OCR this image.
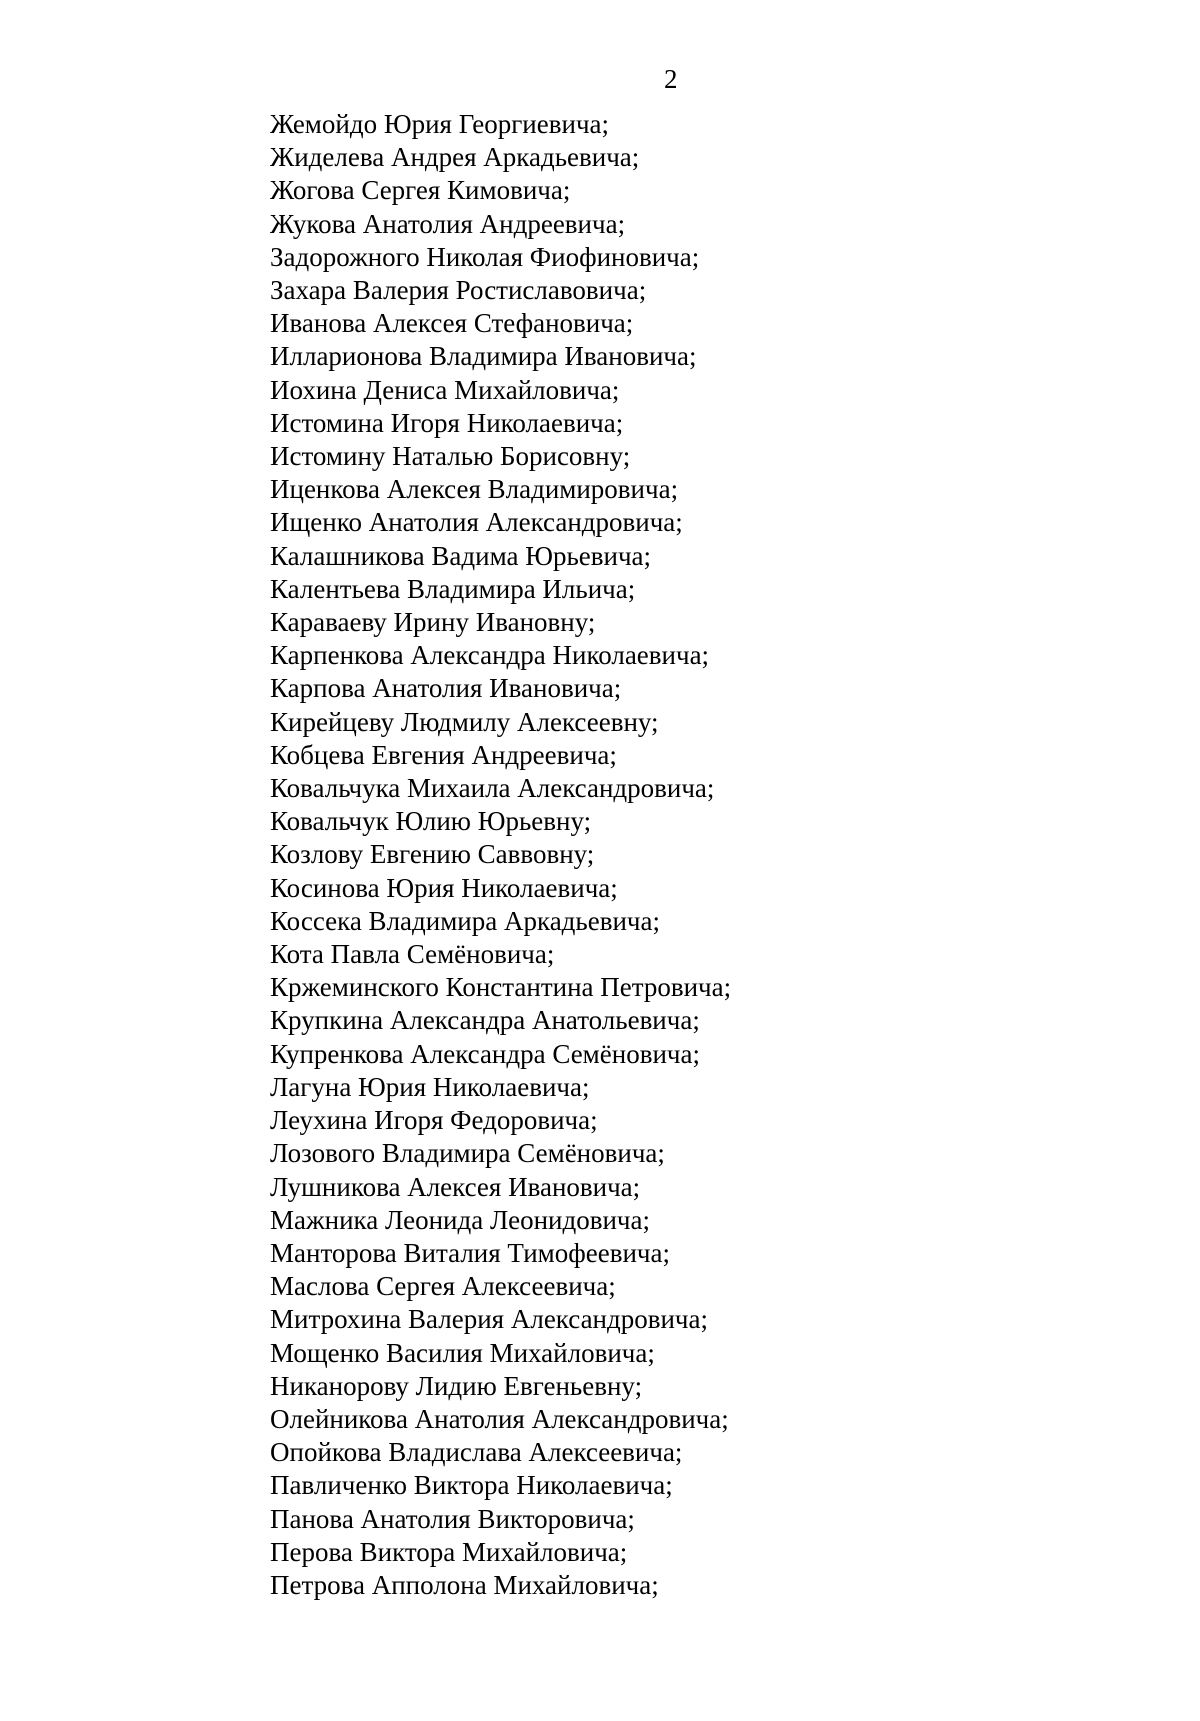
2

Жемойдо Юрия Георгиевича;
Жиделева Андрея Аркадьевича;
Жогова Сергея Кимовича;
Жукова Анатолия Андреевича;
Задорожного Николая Фиофиновича;
Захара Валерия Ростиславовича;
Иванова Алексея Стефановича;
Илларионова Владимира Ивановича;
Иохина Дениса Михайловича;
Истомина Игоря Николаевича;
Истомину Наталью Борисовну;
Иценкова Алексея Владимировича;
Ищенко Анатолия Александровича;
Калашникова Вадима Юрьевича;
Калентьева Владимира Ильича;
Караваеву Ирину Ивановну;
Карпенкова Александра Николаевича;
Карпова Анатолия Ивановича;
Кирейцеву Людмилу Алексеевну;
Кобцева Евгения Андреевича;
Ковальчука Михаила Александровича;
Ковальчук Юлию Юрьевну;
Козлову Евгению Саввовну;
Косинова Юрия Николаевича;
Коссека Владимира Аркадьевича;
Кота Павла Семёновича;
Кржеминского Константина Петровича;
Крупкина Александра Анатольевича;
Купренкова Александра Семёновича;
Лагуна Юрия Николаевича;
Леухина Игоря Федоровича;
Лозового Владимира Семёновича;
Лушникова Алексея Ивановича;
Мажника Леонида Леонидовича;
Манторова Виталия Тимофеевича;
Маслова Сергея Алексеевича;
Митрохина Валерия Александровича;
Мощенко Василия Михайловича;
Никанорову Лидию Евгеньевну;
Олейникова Анатолия Александровича;
Опойкова Владислава Алексеевича;
Павличенко Виктора Николаевича;
Панова Анатолия Викторовича;
Перова Виктора Михайловича;
Петрова Апполона Михайловича;
